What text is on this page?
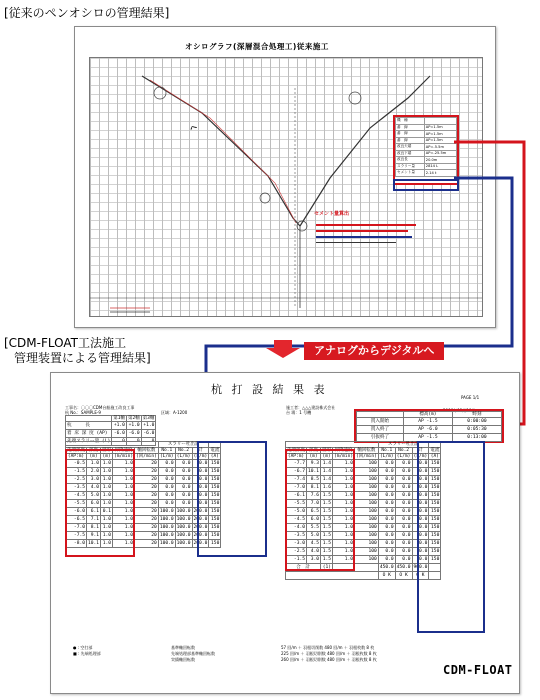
[従来のペンオシロの管理結果]
[CDM-FLOAT工法施工
管理装置による管理結果]
オシログラフ(深層混合処理工)従来施工
ヘ
セメント量算出
機　種	
番　線	AP=1.5m
番　線	AP=1.5m
番　線	AP=1.5m
改良天端	AP=-5.5m
改良下端	AP=-25.5m
改良長	20.0m
スラリー量	2814 L
セメント量	2.14 t
アナログからデジタルへ
杭 打 設 結 果 表
PAGE 1/1
工事名：〇〇〇CDM台船施工改良工事
杭 No.：SAMPLE-9	区域：A-1200
施工者：△△△建設株式会社
台 場：1 号機	2006年03月10日
	第1軸	第2軸	第3軸
杭　　　長	+1.0	+1.0	+1.0
着 床 深 度 (AP)	-6.0	-6.0	-6.0
先端スラリー量 (L)	0	0	0
	標高(m)	時刻
貫入開始	AP -1.5	0:00:00
貫入終了	AP -6.0	0:05:30
引抜終了	AP -1.5	0:13:00
					スラリー吐出量			
先端深度	深度	層厚	昇降速度	軸回転数	No.1	No.2	計	電流
(AP:m)	(m)	(m)	(m/min)	(回/min)	(L/m)	(L/m)	(L/m)	(A)
-0.5	1.0	1.0	1.0	20	0.0	0.0	0.0	150
-1.5	2.0	1.0	1.0	20	0.0	0.0	0.0	150
-2.5	3.0	1.0	1.0	20	0.0	0.0	0.0	150
-3.5	4.0	1.0	1.0	20	0.0	0.0	0.0	150
-4.5	5.0	1.0	1.0	20	0.0	0.0	0.0	150
-5.5	6.0	1.0	1.0	20	0.0	0.0	0.0	150
-6.0	6.1	0.1	1.0	20	100.0	100.0	200.0	150
-6.5	7.1	1.0	1.0	20	100.0	100.0	200.0	150
-7.0	8.1	1.0	1.0	20	100.0	100.0	200.0	150
-7.5	9.1	1.0	1.0	20	100.0	100.0	200.0	150
-8.0	10.1	1.0	1.0	20	100.0	100.0	200.0	150
					スラリー吐出量			
先端深度	深度	層厚	昇降速度	軸回転数	No.1	No.2	計	電流
(AP:m)	(m)	(m)	(m/min)	(回/min)	(L/m)	(L/m)	(L/m)	(A)
-7.7	9.3	1.4	1.0	100	0.0	0.0	0.0	150
-6.7	10.1	1.4	1.0	100	0.0	0.0	0.0	150
-7.4	8.5	1.4	1.0	100	0.0	0.0	0.0	150
-7.0	8.1	1.6	1.0	100	0.0	0.0	0.0	150
-6.1	7.6	1.5	1.0	100	0.0	0.0	0.0	150
-5.5	7.0	1.5	1.0	100	0.0	0.0	0.0	150
-5.0	6.5	1.5	1.0	100	0.0	0.0	0.0	150
-4.5	6.0	1.5	1.0	100	0.0	0.0	0.0	150
-4.0	5.5	1.5	1.0	100	0.0	0.0	0.0	150
-3.5	5.0	1.5	1.0	100	0.0	0.0	0.0	150
-3.0	4.5	1.5	1.0	100	0.0	0.0	0.0	150
-2.5	4.0	1.5	1.0	100	0.0	0.0	0.0	150
-1.5	3.0	1.5	1.0	100	0.0	0.0	0.0	150
合　計		(1)			450.0	450.0	900.0	
					O K	O K	O K	
● : 空打部
■ : 先端処理部
基準軸回転数
先端処理部基準軸回転数
実績軸回転数
57 回/m ＋ 羽根切削数 480 回/m ＋ 羽根枚数 8 枚
225 回/m ＋ 羽根切削数 480 回/m ＋ 羽根枚数 8 枚
260 回/m ＋ 羽根切削数 480 回/m ＋ 羽根枚数 8 枚
CDM-FLOAT
